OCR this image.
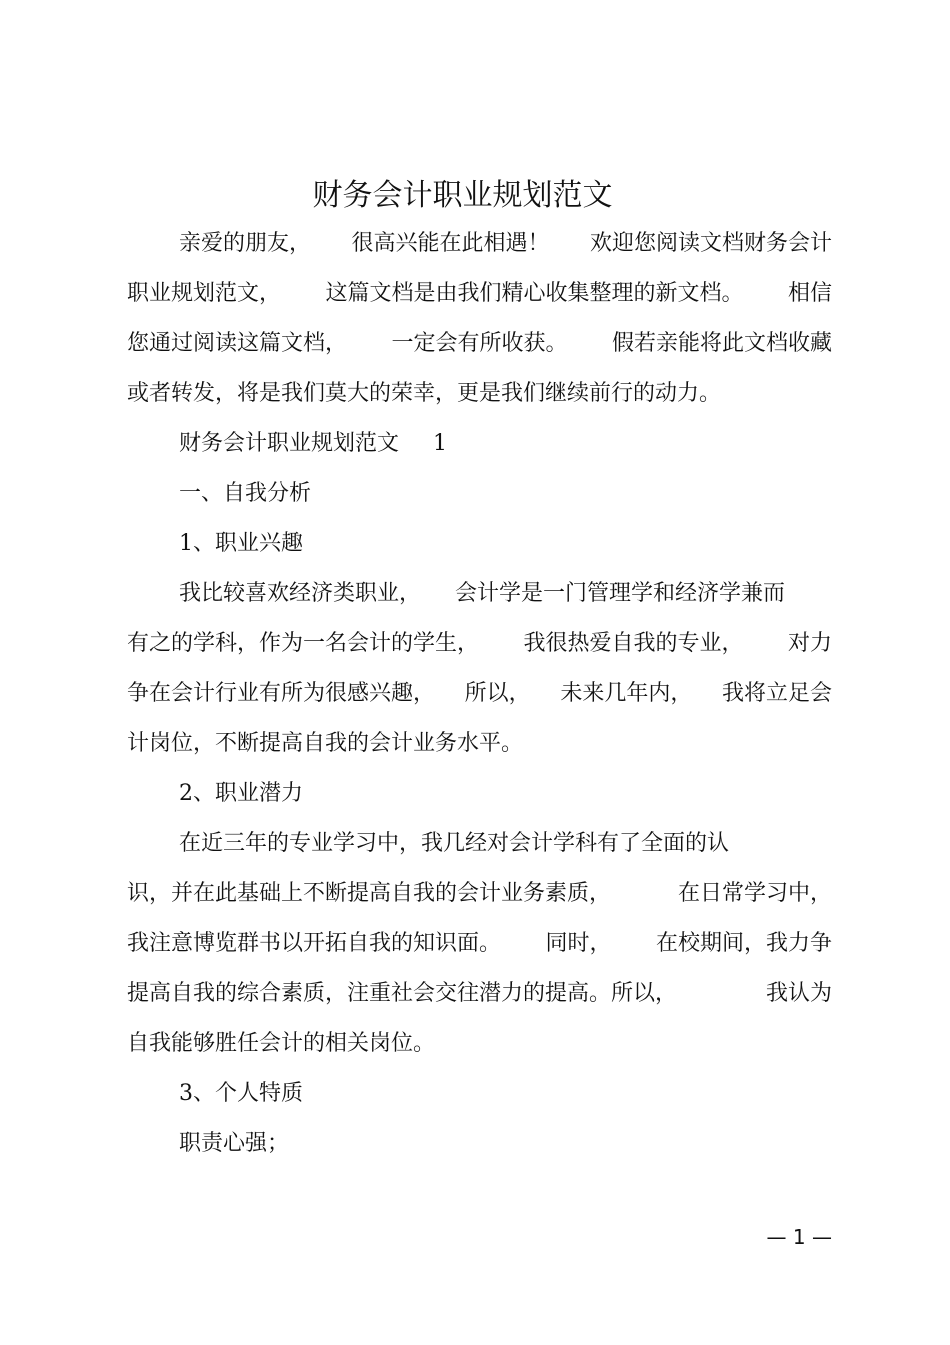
财务会计职业规划范文
亲爱的朋友， 很高兴能在此相遇！ 欢迎您阅读文档财务会计
职业规划范文， 这篇文档是由我们精心收集整理的新文档。 相信
您通过阅读这篇文档， 一定会有所收获。 假若亲能将此文档收藏
或者转发，将是我们莫大的荣幸，更是我们继续前行的动力。
财务会计职业规划范文 1
一、自我分析
1、职业兴趣
我比较喜欢经济类职业， 会计学是一门管理学和经济学兼而
有之的学科，作为一名会计的学生， 我很热爱自我的专业， 对力
争在会计行业有所为很感兴趣， 所以， 未来几年内， 我将立足会
计岗位，不断提高自我的会计业务水平。
2、职业潜力
在近三年的专业学习中，我几经对会计学科有了全面的认
识，并在此基础上不断提高自我的会计业务素质，	在日常学习中，
我注意博览群书以开拓自我的知识面。 同时， 在校期间，我力争
提高自我的综合素质，注重社会交往潜力的提高。所以，	我认为
自我能够胜任会计的相关岗位。
3、个人特质
职责心强；
— 1 —
